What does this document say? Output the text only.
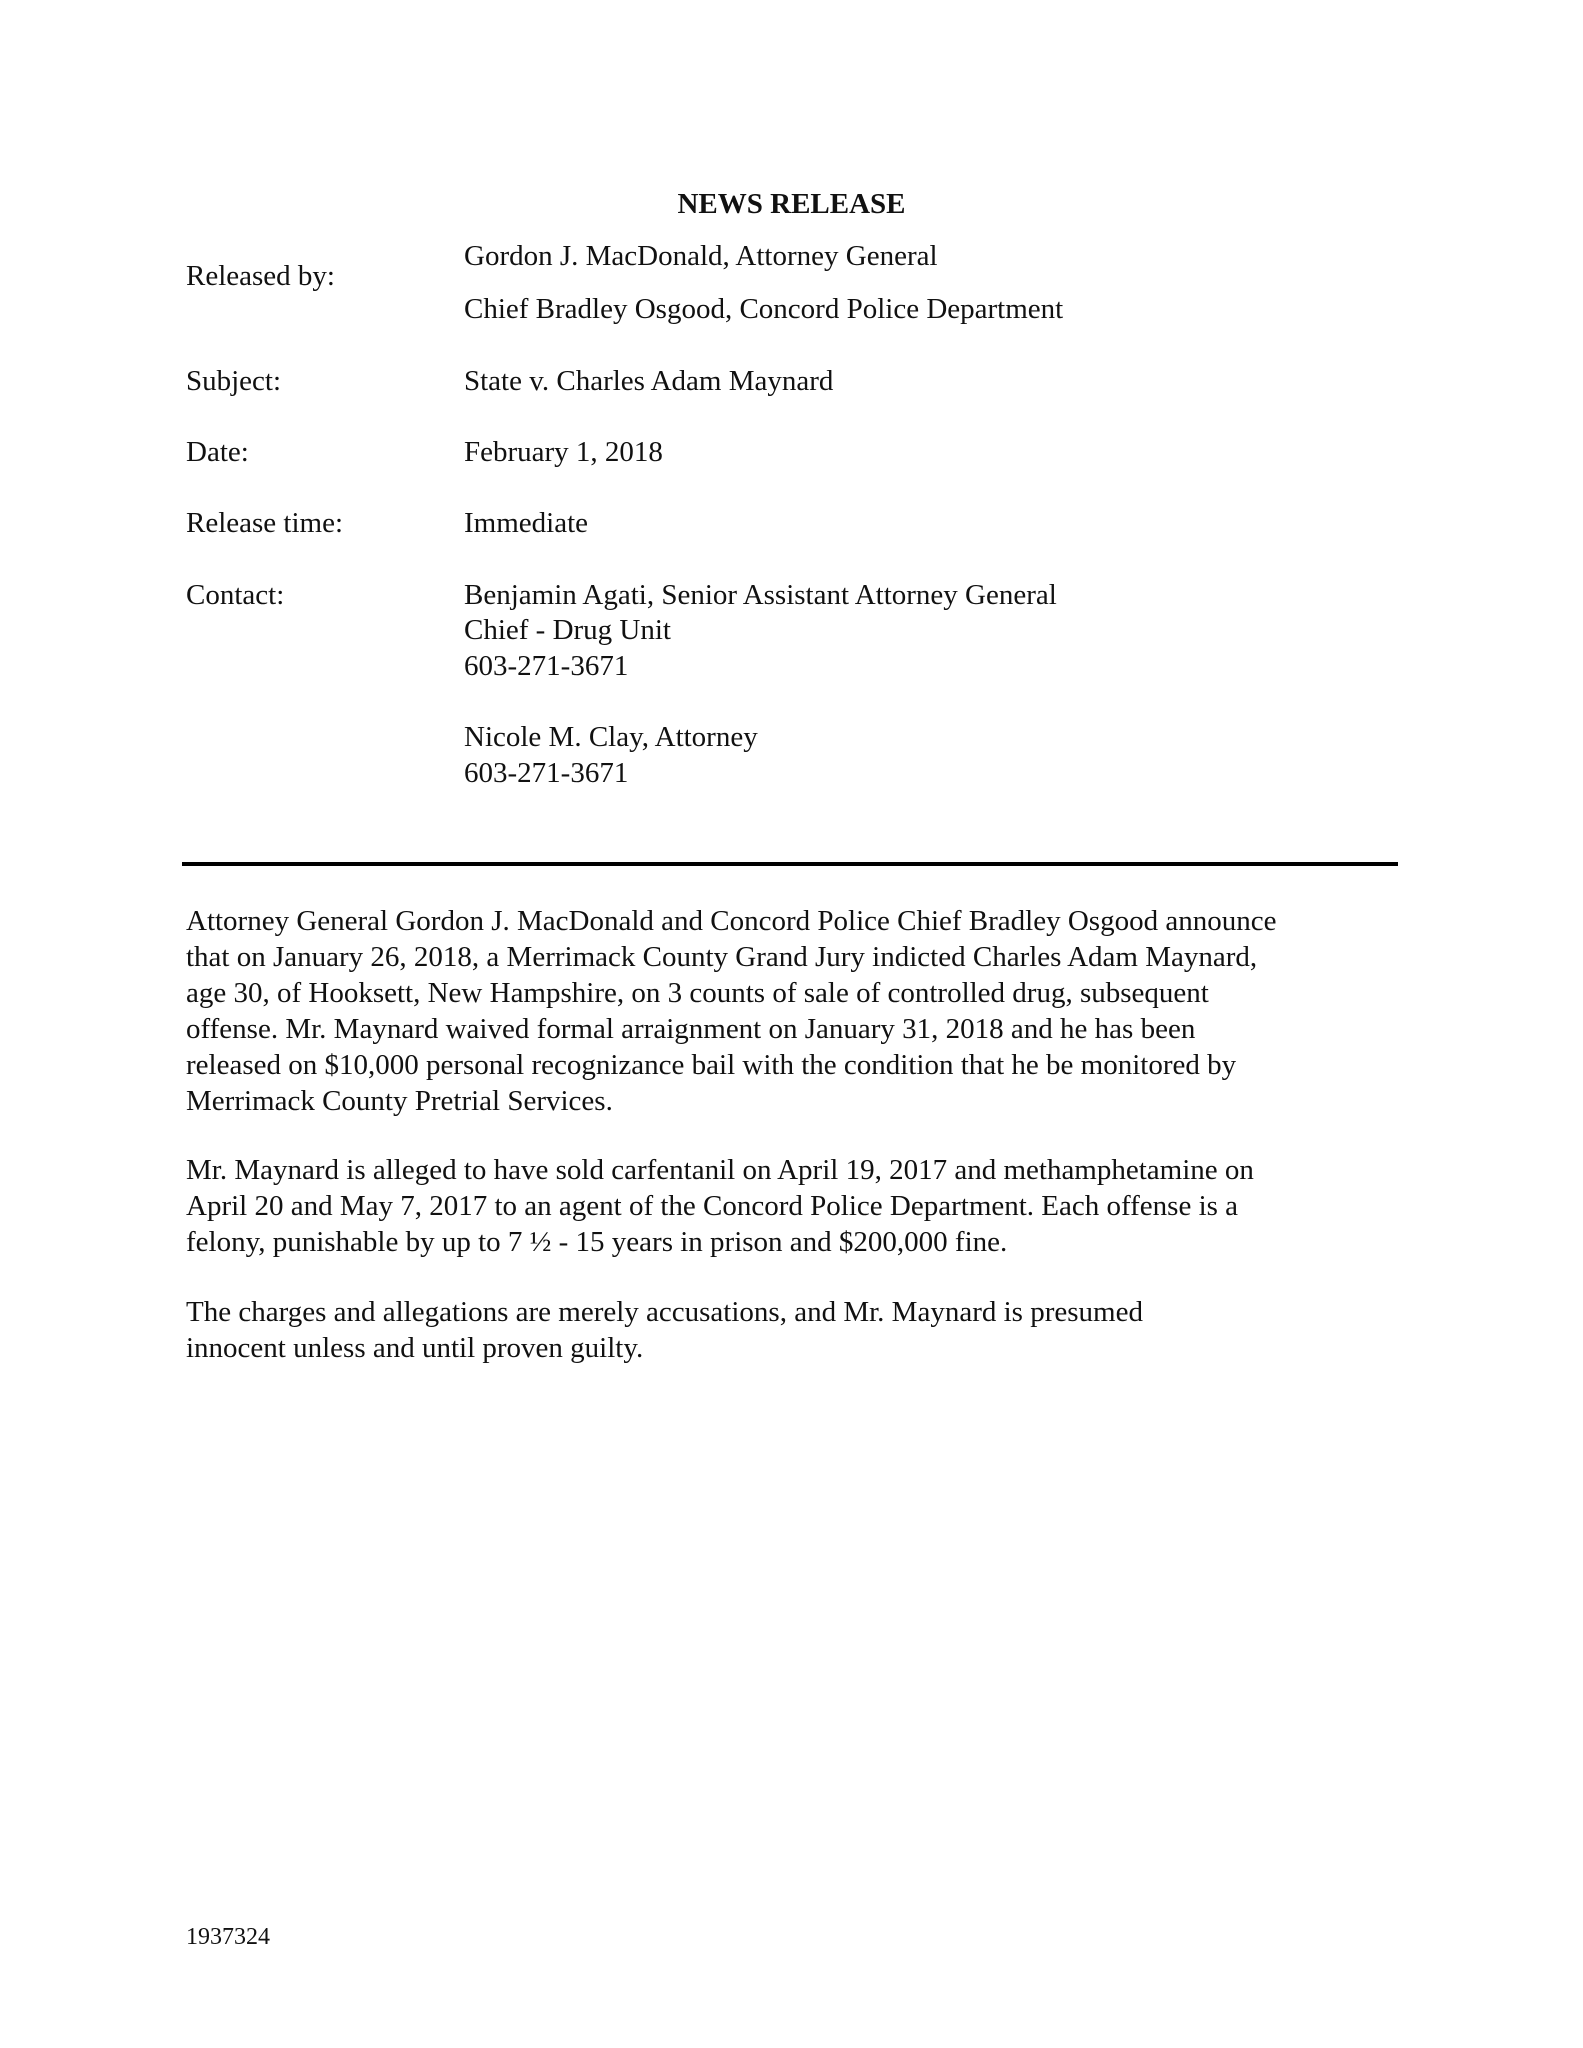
NEWS RELEASE
Released by:
Gordon J. MacDonald, Attorney General
Chief Bradley Osgood, Concord Police Department
Subject:	State v. Charles Adam Maynard
Date:	February 1, 2018
Release time:	Immediate
Contact:	Benjamin Agati, Senior Assistant Attorney General
Chief - Drug Unit
603-271-3671
Nicole M. Clay, Attorney
603-271-3671
Attorney General Gordon J. MacDonald and Concord Police Chief Bradley Osgood announce
that on January 26, 2018, a Merrimack County Grand Jury indicted Charles Adam Maynard,
age 30, of Hooksett, New Hampshire, on 3 counts of sale of controlled drug, subsequent
offense. Mr. Maynard waived formal arraignment on January 31, 2018 and he has been
released on $10,000 personal recognizance bail with the condition that he be monitored by
Merrimack County Pretrial Services.
Mr. Maynard is alleged to have sold carfentanil on April 19, 2017 and methamphetamine on
April 20 and May 7, 2017 to an agent of the Concord Police Department. Each offense is a
felony, punishable by up to 7 ½ - 15 years in prison and $200,000 fine.
The charges and allegations are merely accusations, and Mr. Maynard is presumed
innocent unless and until proven guilty.
1937324
